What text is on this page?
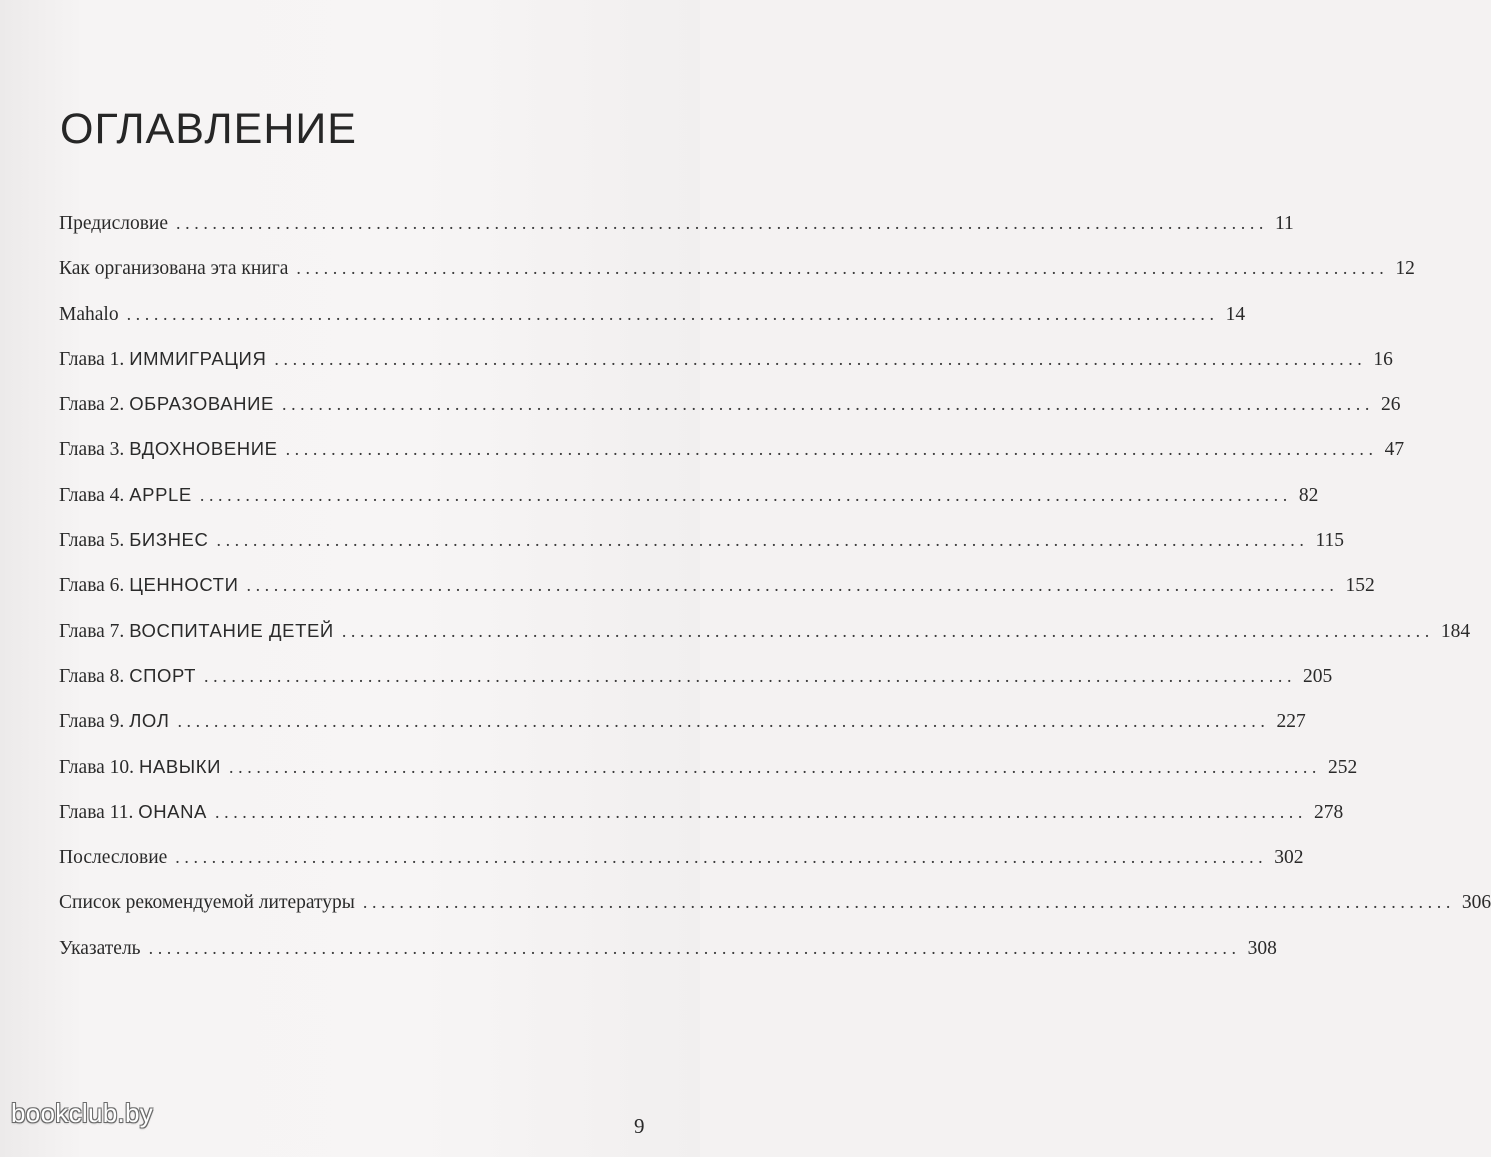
ОГЛАВЛЕНИЕ
Предисловие ........................................................................................................................ 11
Как организована эта книга ........................................................................................................................ 12
Mahalo ........................................................................................................................ 14
Глава 1. ИММИГРАЦИЯ ........................................................................................................................ 16
Глава 2. ОБРАЗОВАНИЕ ........................................................................................................................ 26
Глава 3. ВДОХНОВЕНИЕ ........................................................................................................................ 47
Глава 4. APPLE ........................................................................................................................ 82
Глава 5. БИЗНЕС ........................................................................................................................ 115
Глава 6. ЦЕННОСТИ ........................................................................................................................ 152
Глава 7. ВОСПИТАНИЕ ДЕТЕЙ ........................................................................................................................ 184
Глава 8. СПОРТ ........................................................................................................................ 205
Глава 9. ЛОЛ ........................................................................................................................ 227
Глава 10. НАВЫКИ ........................................................................................................................ 252
Глава 11. OHANA ........................................................................................................................ 278
Послесловие ........................................................................................................................ 302
Список рекомендуемой литературы ........................................................................................................................ 306
Указатель ........................................................................................................................ 308
bookclub.by	9
